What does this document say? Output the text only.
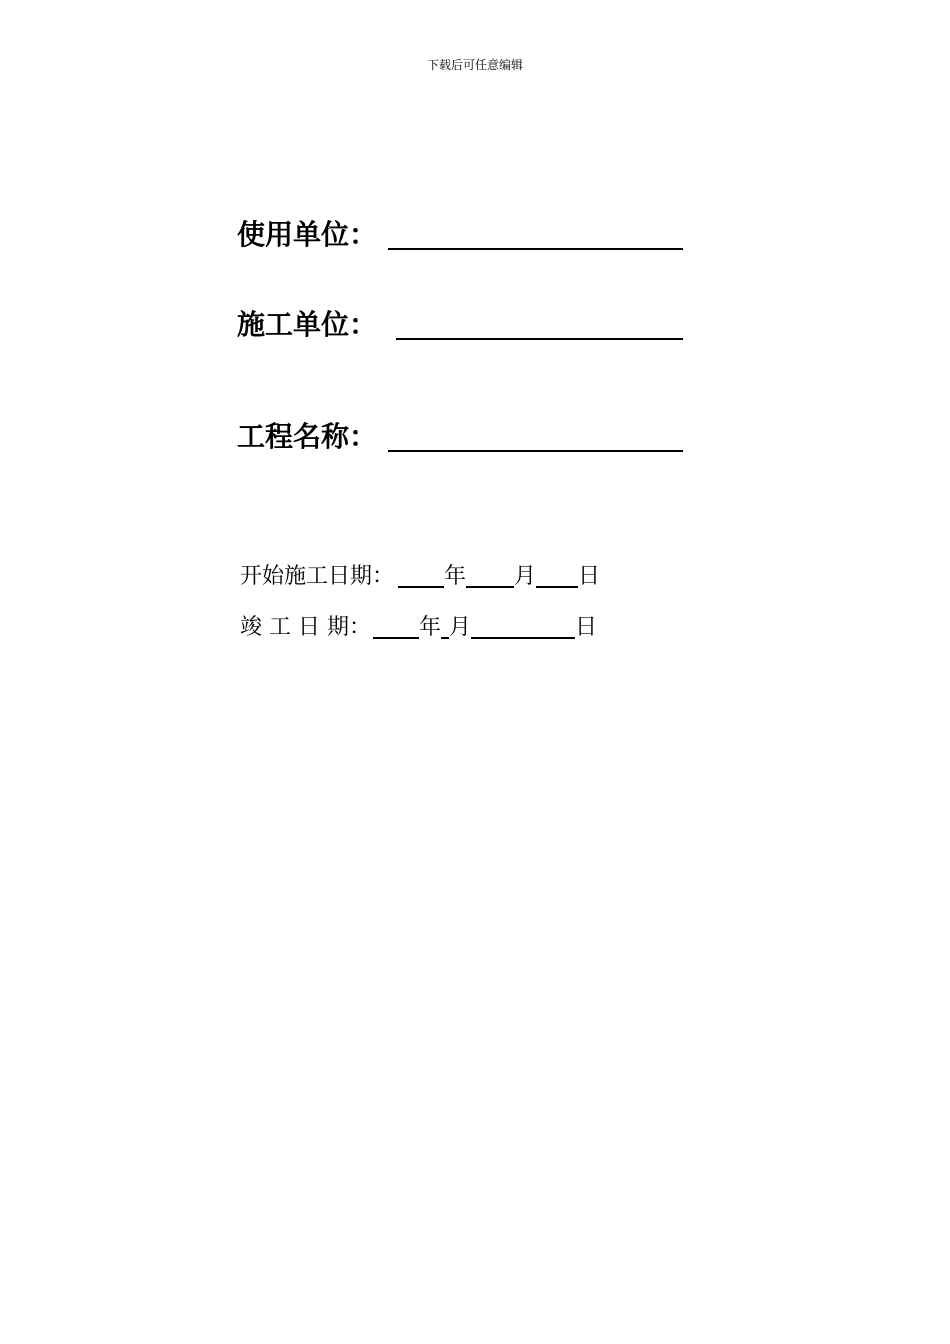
下载后可任意编辑
使用单位：
施工单位：
工程名称：
开始施工日期： 年 月 日
竣 工 日 期： 年 月	日
